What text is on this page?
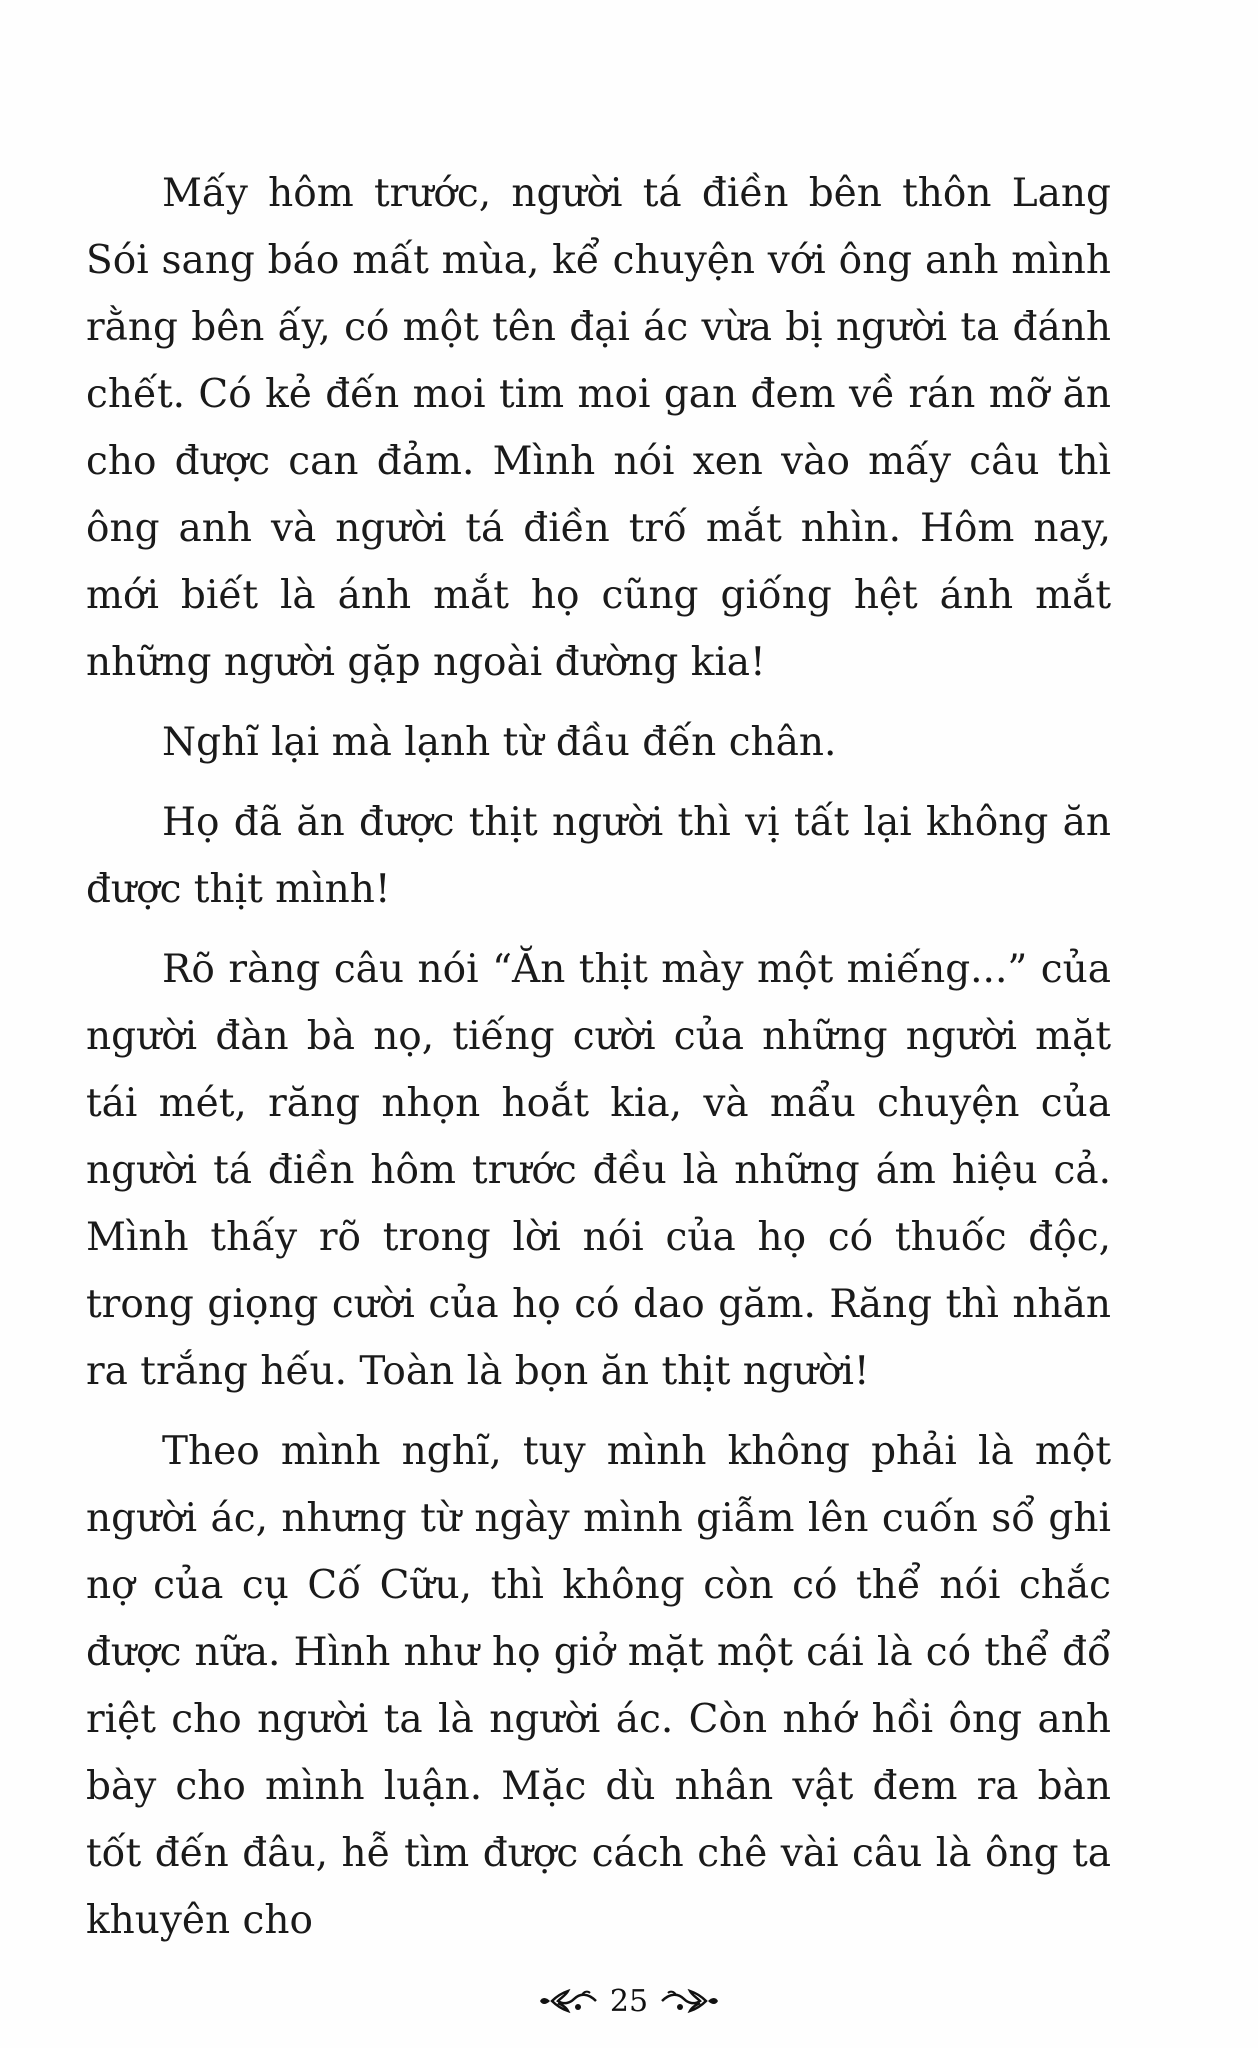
Mấy hôm trước, người tá điền bên thôn Lang Sói sang báo mất mùa, kể chuyện với ông anh mình rằng bên ấy, có một tên đại ác vừa bị người ta đánh chết. Có kẻ đến moi tim moi gan đem về rán mỡ ăn cho được can đảm. Mình nói xen vào mấy câu thì ông anh và người tá điền trố mắt nhìn. Hôm nay, mới biết là ánh mắt họ cũng giống hệt ánh mắt những người gặp ngoài đường kia!

Nghĩ lại mà lạnh từ đầu đến chân.

Họ đã ăn được thịt người thì vị tất lại không ăn được thịt mình!

Rõ ràng câu nói “Ăn thịt mày một miếng...” của người đàn bà nọ, tiếng cười của những người mặt tái mét, răng nhọn hoắt kia, và mẩu chuyện của người tá điền hôm trước đều là những ám hiệu cả. Mình thấy rõ trong lời nói của họ có thuốc độc, trong giọng cười của họ có dao găm. Răng thì nhăn ra trắng hếu. Toàn là bọn ăn thịt người!

Theo mình nghĩ, tuy mình không phải là một người ác, nhưng từ ngày mình giẫm lên cuốn sổ ghi nợ của cụ Cố Cữu, thì không còn có thể nói chắc được nữa. Hình như họ giở mặt một cái là có thể đổ riệt cho người ta là người ác. Còn nhớ hồi ông anh bày cho mình luận. Mặc dù nhân vật đem ra bàn tốt đến đâu, hễ tìm được cách chê vài câu là ông ta khuyên cho

25
